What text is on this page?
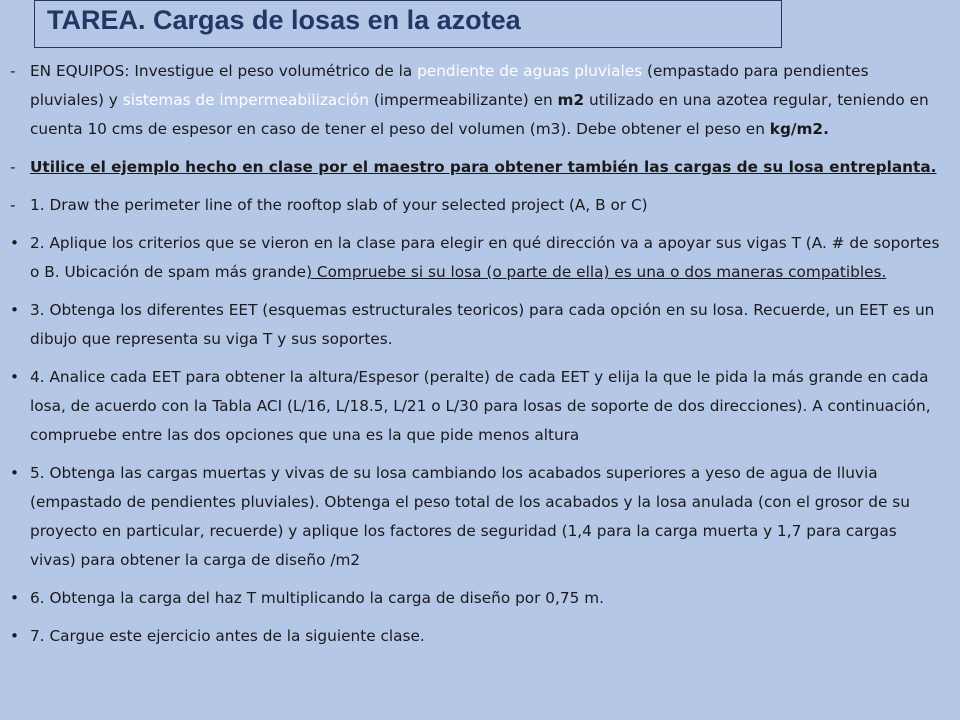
TAREA. Cargas de losas en la azotea
- EN EQUIPOS: Investigue el peso volumétrico de la pendiente de aguas pluviales (empastado para pendientes pluviales) y sistemas de impermeabilización (impermeabilizante) en m2 utilizado en una azotea regular, teniendo en cuenta 10 cms de espesor en caso de tener el peso del volumen (m3). Debe obtener el peso en kg/m2.
- Utilice el ejemplo hecho en clase por el maestro para obtener también las cargas de su losa entreplanta.
- 1. Draw the perimeter line of the rooftop slab of your selected project (A, B or C)
• 2. Aplique los criterios que se vieron en la clase para elegir en qué dirección va a apoyar sus vigas T (A. # de soportes o B. Ubicación de spam más grande) Compruebe si su losa (o parte de ella) es una o dos maneras compatibles.
• 3. Obtenga los diferentes EET (esquemas estructurales teoricos) para cada opción en su losa. Recuerde, un EET es un dibujo que representa su viga T y sus soportes.
• 4. Analice cada EET para obtener la altura/Espesor (peralte) de cada EET y elija la que le pida la más grande en cada losa, de acuerdo con la Tabla ACI (L/16, L/18.5, L/21 o L/30 para losas de soporte de dos direcciones). A continuación, compruebe entre las dos opciones que una es la que pide menos altura
• 5. Obtenga las cargas muertas y vivas de su losa cambiando los acabados superiores a yeso de agua de lluvia (empastado de pendientes pluviales). Obtenga el peso total de los acabados y la losa anulada (con el grosor de su proyecto en particular, recuerde) y aplique los factores de seguridad (1,4 para la carga muerta y 1,7 para cargas vivas) para obtener la carga de diseño /m2
• 6. Obtenga la carga del haz T multiplicando la carga de diseño por 0,75 m.
• 7. Cargue este ejercicio antes de la siguiente clase.
